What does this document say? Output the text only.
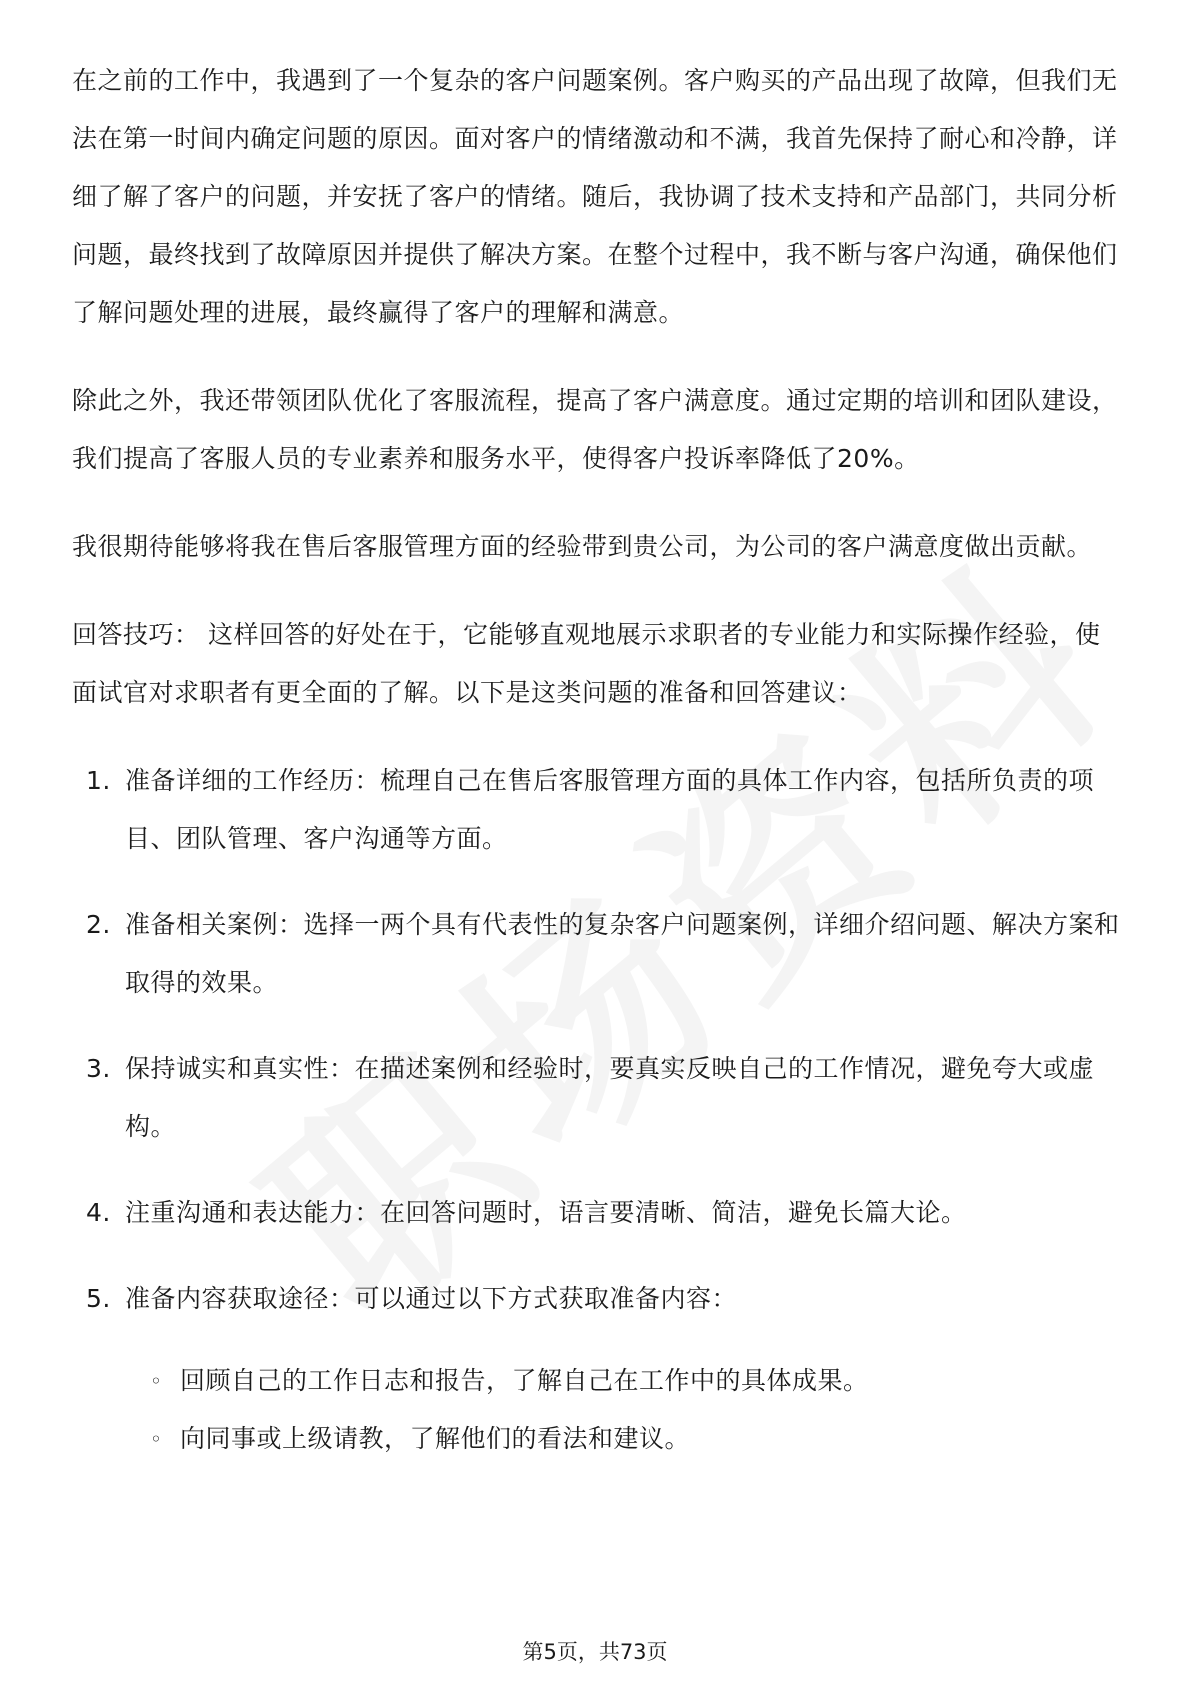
在之前的工作中，我遇到了一个复杂的客户问题案例。客户购买的产品出现了故障，但我们无法在第一时间内确定问题的原因。面对客户的情绪激动和不满，我首先保持了耐心和冷静，详细了解了客户的问题，并安抚了客户的情绪。随后，我协调了技术支持和产品部门，共同分析问题，最终找到了故障原因并提供了解决方案。在整个过程中，我不断与客户沟通，确保他们了解问题处理的进展，最终赢得了客户的理解和满意。

除此之外，我还带领团队优化了客服流程，提高了客户满意度。通过定期的培训和团队建设，我们提高了客服人员的专业素养和服务水平，使得客户投诉率降低了20%。

我很期待能够将我在售后客服管理方面的经验带到贵公司，为公司的客户满意度做出贡献。

回答技巧： 这样回答的好处在于，它能够直观地展示求职者的专业能力和实际操作经验，使面试官对求职者有更全面的了解。以下是这类问题的准备和回答建议：

1. 准备详细的工作经历：梳理自己在售后客服管理方面的具体工作内容，包括所负责的项目、团队管理、客户沟通等方面。
2. 准备相关案例：选择一两个具有代表性的复杂客户问题案例，详细介绍问题、解决方案和取得的效果。
3. 保持诚实和真实性：在描述案例和经验时，要真实反映自己的工作情况，避免夸大或虚构。
4. 注重沟通和表达能力：在回答问题时，语言要清晰、简洁，避免长篇大论。
5. 准备内容获取途径：可以通过以下方式获取准备内容：
◦ 回顾自己的工作日志和报告，了解自己在工作中的具体成果。
◦ 向同事或上级请教，了解他们的看法和建议。
第5页，共73页
